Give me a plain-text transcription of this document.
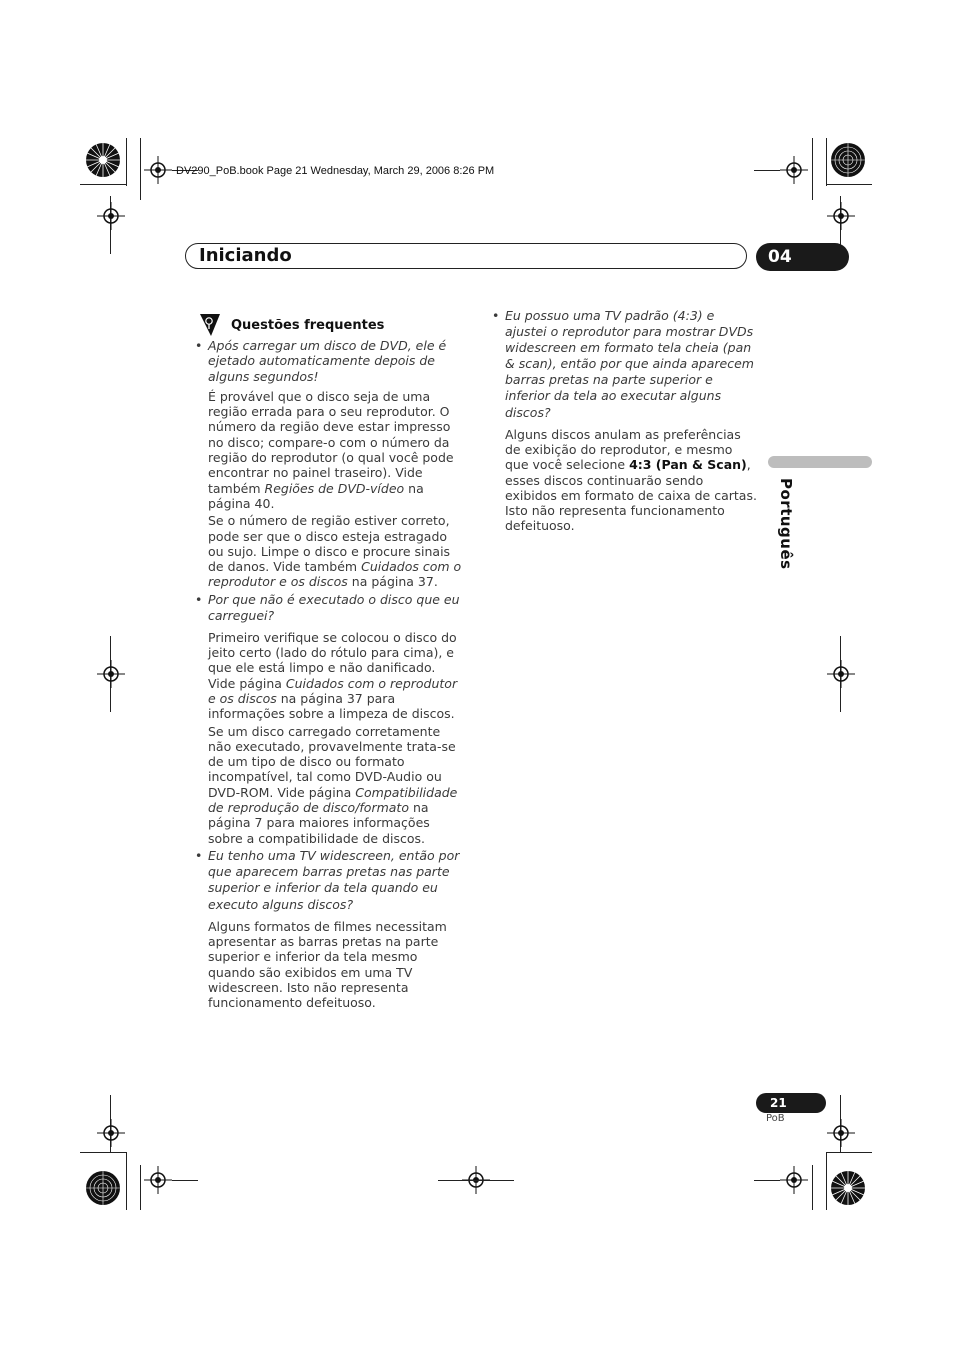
DV290_PoB.book Page 21 Wednesday, March 29, 2006 8:26 PM
Iniciando	04
Português
Questões frequentes
• Após carregar um disco de DVD, ele é ejetado automaticamente depois de alguns segundos!

É provável que o disco seja de uma região errada para o seu reprodutor. O número da região deve estar impresso no disco; compare-o com o número da região do reprodutor (o qual você pode encontrar no painel traseiro). Vide também Regiões de DVD-vídeo na página 40.

Se o número de região estiver correto, pode ser que o disco esteja estragado ou sujo. Limpe o disco e procure sinais de danos. Vide também Cuidados com o reprodutor e os discos na página 37.

• Por que não é executado o disco que eu carreguei?

Primeiro verifique se colocou o disco do jeito certo (lado do rótulo para cima), e que ele está limpo e não danificado. Vide página Cuidados com o reprodutor e os discos na página 37 para informações sobre a limpeza de discos.

Se um disco carregado corretamente não executado, provavelmente trata-se de um tipo de disco ou formato incompatível, tal como DVD-Audio ou DVD-ROM. Vide página Compatibilidade de reprodução de disco/formato na página 7 para maiores informações sobre a compatibilidade de discos.

• Eu tenho uma TV widescreen, então por que aparecem barras pretas nas parte superior e inferior da tela quando eu executo alguns discos?

Alguns formatos de filmes necessitam apresentar as barras pretas na parte superior e inferior da tela mesmo quando são exibidos em uma TV widescreen. Isto não representa funcionamento defeituoso.

• Eu possuo uma TV padrão (4:3) e ajustei o reprodutor para mostrar DVDs widescreen em formato tela cheia (pan & scan), então por que ainda aparecem barras pretas na parte superior e inferior da tela ao executar alguns discos?

Alguns discos anulam as preferências de exibição do reprodutor, e mesmo que você selecione 4:3 (Pan & Scan), esses discos continuarão sendo exibidos em formato de caixa de cartas. Isto não representa funcionamento defeituoso.

21
PoB
